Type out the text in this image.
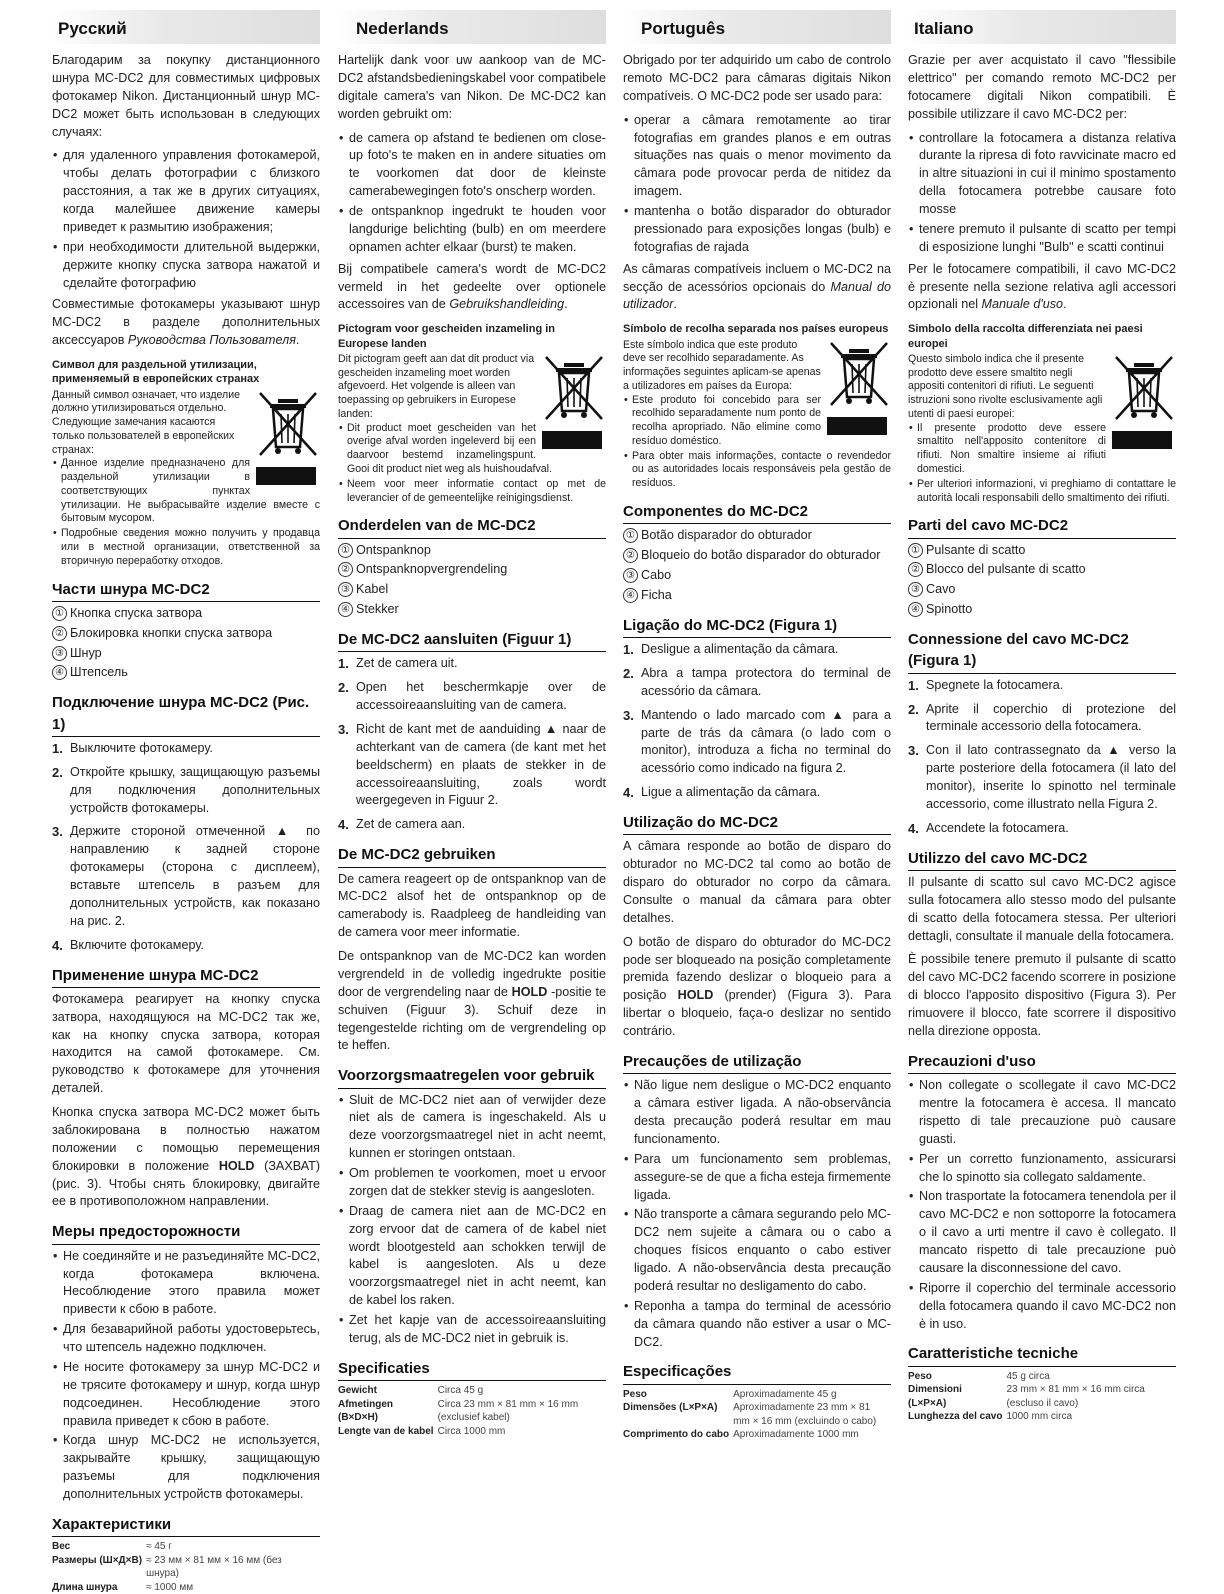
Русский

Благодарим за покупку дистанционного шнура MC-DC2 для совместимых цифровых фотокамер Nikon. Дистанционный шнур MC-DC2 может быть использован в следующих случаях:

• для удаленного управления фотокамерой, чтобы делать фотографии с близкого расстояния, а так же в других ситуациях, когда малейшее движение камеры приведет к размытию изображения;
• при необходимости длительной выдержки, держите кнопку спуска затвора нажатой и сделайте фотографию

Совместимые фотокамеры указывают шнур MC-DC2 в разделе дополнительных аксессуаров Руководства Пользователя.

Символ для раздельной утилизации, применяемый в европейских странах
Данный символ означает, что изделие должно утилизироваться отдельно. Следующие замечания касаются только пользователей в европейских странах:
• Данное изделие предназначено для раздельной утилизации в соответствующих пунктах утилизации. Не выбрасывайте изделие вместе с бытовым мусором.
• Подробные сведения можно получить у продавца или в местной организации, ответственной за вторичную переработку отходов.
Части шнура MC-DC2
① Кнопка спуска затвора
② Блокировка кнопки спуска затвора
③ Шнур
④ Штепсель
Подключение шнура MC-DC2 (Рис. 1)
1. Выключите фотокамеру.
2. Откройте крышку, защищающую разъемы для подключения дополнительных устройств фотокамеры.
3. Держите стороной отмеченной ▲ по направлению к задней стороне фотокамеры (сторона с дисплеем), вставьте штепсель в разъем для дополнительных устройств, как показано на рис. 2.
4. Включите фотокамеру.
Применение шнура MC-DC2

Фотокамера реагирует на кнопку спуска затвора, находящуюся на MC-DC2 так же, как на кнопку спуска затвора, которая находится на самой фотокамере. См. руководство к фотокамере для уточнения деталей.

Кнопка спуска затвора MC-DC2 может быть заблокирована в полностью нажатом положении с помощью перемещения блокировки в положение HOLD (ЗАХВАТ) (рис. 3). Чтобы снять блокировку, двигайте ее в противоположном направлении.

Меры предосторожности
• Не соединяйте и не разъединяйте MC-DC2, когда фотокамера включена. Несоблюдение этого правила может привести к сбою в работе.
• Для безаварийной работы удостоверьтесь, что штепсель надежно подключен.
• Не носите фотокамеру за шнур MC-DC2 и не трясите фотокамеру и шнур, когда шнур подсоединен. Несоблюдение этого правила приведет к сбою в работе.
• Когда шнур MC-DC2 не используется, закрывайте крышку, защищающую разъемы для подключения дополнительных устройств фотокамеры.
Характеристики
Вес	≈ 45 г
Размеры (Ш×Д×В)	≈ 23 мм × 81 мм × 16 мм (без шнура)
Длина шнура	≈ 1000 мм
Nederlands

Hartelijk dank voor uw aankoop van de MC-DC2 afstandsbedieningskabel voor compatibele digitale camera's van Nikon. De MC-DC2 kan worden gebruikt om:

• de camera op afstand te bedienen om close-up foto's te maken en in andere situaties om te voorkomen dat door de kleinste camerabewegingen foto's onscherp worden.
• de ontspanknop ingedrukt te houden voor langdurige belichting (bulb) en om meerdere opnamen achter elkaar (burst) te maken.

Bij compatibele camera's wordt de MC-DC2 vermeld in het gedeelte over optionele accessoires van de Gebruikshandleiding.

Pictogram voor gescheiden inzameling in Europese landen
Dit pictogram geeft aan dat dit product via gescheiden inzameling moet worden afgevoerd. Het volgende is alleen van toepassing op gebruikers in Europese landen:
• Dit product moet gescheiden van het overige afval worden ingeleverd bij een daarvoor bestemd inzamelingspunt. Gooi dit product niet weg als huishoudafval.
• Neem voor meer informatie contact op met de leverancier of de gemeentelijke reinigingsdienst.
Onderdelen van de MC-DC2
① Ontspanknop
② Ontspanknopvergrendeling
③ Kabel
④ Stekker
De MC-DC2 aansluiten (Figuur 1)
1. Zet de camera uit.
2. Open het beschermkapje over de accessoireaansluiting van de camera.
3. Richt de kant met de aanduiding ▲ naar de achterkant van de camera (de kant met het beeldscherm) en plaats de stekker in de accessoireaansluiting, zoals wordt weergegeven in Figuur 2.
4. Zet de camera aan.
De MC-DC2 gebruiken

De camera reageert op de ontspanknop van de MC-DC2 alsof het de ontspanknop op de camerabody is. Raadpleeg de handleiding van de camera voor meer informatie.

De ontspanknop van de MC-DC2 kan worden vergrendeld in de volledig ingedrukte positie door de vergrendeling naar de HOLD -positie te schuiven (Figuur 3). Schuif deze in tegengestelde richting om de vergrendeling op te heffen.

Voorzorgsmaatregelen voor gebruik
• Sluit de MC-DC2 niet aan of verwijder deze niet als de camera is ingeschakeld. Als u deze voorzorgsmaatregel niet in acht neemt, kunnen er storingen ontstaan.
• Om problemen te voorkomen, moet u ervoor zorgen dat de stekker stevig is aangesloten.
• Draag de camera niet aan de MC-DC2 en zorg ervoor dat de camera of de kabel niet wordt blootgesteld aan schokken terwijl de kabel is aangesloten. Als u deze voorzorgsmaatregel niet in acht neemt, kan de kabel los raken.
• Zet het kapje van de accessoireaansluiting terug, als de MC-DC2 niet in gebruik is.
Specificaties
Gewicht	Circa 45 g
Afmetingen	Circa 23 mm × 81 mm × 16 mm
(B×D×H)	(exclusief kabel)
Lengte van de kabel	Circa 1000 mm
Português

Obrigado por ter adquirido um cabo de controlo remoto MC-DC2 para câmaras digitais Nikon compatíveis. O MC-DC2 pode ser usado para:

• operar a câmara remotamente ao tirar fotografias em grandes planos e em outras situações nas quais o menor movimento da câmara pode provocar perda de nitidez da imagem.
• mantenha o botão disparador do obturador pressionado para exposições longas (bulb) e fotografias de rajada

As câmaras compatíveis incluem o MC-DC2 na secção de acessórios opcionais do Manual do utilizador.

Símbolo de recolha separada nos países europeus
Este símbolo indica que este produto deve ser recolhido separadamente. As informações seguintes aplicam-se apenas a utilizadores em países da Europa:
• Este produto foi concebido para ser recolhido separadamente num ponto de recolha apropriado. Não elimine como resíduo doméstico.
• Para obter mais informações, contacte o revendedor ou as autoridades locais responsáveis pela gestão de resíduos.
Componentes do MC-DC2
① Botão disparador do obturador
② Bloqueio do botão disparador do obturador
③ Cabo
④ Ficha
Ligação do MC-DC2 (Figura 1)
1. Desligue a alimentação da câmara.
2. Abra a tampa protectora do terminal de acessório da câmara.
3. Mantendo o lado marcado com ▲ para a parte de trás da câmara (o lado com o monitor), introduza a ficha no terminal do acessório como indicado na figura 2.
4. Ligue a alimentação da câmara.
Utilização do MC-DC2

A câmara responde ao botão de disparo do obturador no MC-DC2 tal como ao botão de disparo do obturador no corpo da câmara. Consulte o manual da câmara para obter detalhes.

O botão de disparo do obturador do MC-DC2 pode ser bloqueado na posição completamente premida fazendo deslizar o bloqueio para a posição HOLD (prender) (Figura 3). Para libertar o bloqueio, faça-o deslizar no sentido contrário.

Precauções de utilização
• Não ligue nem desligue o MC-DC2 enquanto a câmara estiver ligada. A não-observância desta precaução poderá resultar em mau funcionamento.
• Para um funcionamento sem problemas, assegure-se de que a ficha esteja firmemente ligada.
• Não transporte a câmara segurando pelo MC-DC2 nem sujeite a câmara ou o cabo a choques físicos enquanto o cabo estiver ligado. A não-observância desta precaução poderá resultar no desligamento do cabo.
• Reponha a tampa do terminal de acessório da câmara quando não estiver a usar o MC-DC2.
Especificações
Peso	Aproximadamente 45 g
Dimensões (L×P×A)	Aproximadamente 23 mm × 81 mm × 16 mm (excluindo o cabo)
Comprimento do cabo	Aproximadamente 1000 mm
Italiano

Grazie per aver acquistato il cavo "flessibile elettrico" per comando remoto MC-DC2 per fotocamere digitali Nikon compatibili. È possibile utilizzare il cavo MC-DC2 per:

• controllare la fotocamera a distanza relativa durante la ripresa di foto ravvicinate macro ed in altre situazioni in cui il minimo spostamento della fotocamera potrebbe causare foto mosse
• tenere premuto il pulsante di scatto per tempi di esposizione lunghi "Bulb" e scatti continui

Per le fotocamere compatibili, il cavo MC-DC2 è presente nella sezione relativa agli accessori opzionali nel Manuale d'uso.

Simbolo della raccolta differenziata nei paesi europei
Questo simbolo indica che il presente prodotto deve essere smaltito negli appositi contenitori di rifiuti. Le seguenti istruzioni sono rivolte esclusivamente agli utenti di paesi europei:
• Il presente prodotto deve essere smaltito nell'apposito contenitore di rifiuti. Non smaltire insieme ai rifiuti domestici.
• Per ulteriori informazioni, vi preghiamo di contattare le autorità locali responsabili dello smaltimento dei rifiuti.
Parti del cavo MC-DC2
① Pulsante di scatto
② Blocco del pulsante di scatto
③ Cavo
④ Spinotto
Connessione del cavo MC-DC2 (Figura 1)
1. Spegnete la fotocamera.
2. Aprite il coperchio di protezione del terminale accessorio della fotocamera.
3. Con il lato contrassegnato da ▲ verso la parte posteriore della fotocamera (il lato del monitor), inserite lo spinotto nel terminale accessorio, come illustrato nella Figura 2.
4. Accendete la fotocamera.
Utilizzo del cavo MC-DC2

Il pulsante di scatto sul cavo MC-DC2 agisce sulla fotocamera allo stesso modo del pulsante di scatto della fotocamera stessa. Per ulteriori dettagli, consultate il manuale della fotocamera.

È possibile tenere premuto il pulsante di scatto del cavo MC-DC2 facendo scorrere in posizione di blocco l'apposito dispositivo (Figura 3). Per rimuovere il blocco, fate scorrere il dispositivo nella direzione opposta.

Precauzioni d'uso
• Non collegate o scollegate il cavo MC-DC2 mentre la fotocamera è accesa. Il mancato rispetto di tale precauzione può causare guasti.
• Per un corretto funzionamento, assicurarsi che lo spinotto sia collegato saldamente.
• Non trasportate la fotocamera tenendola per il cavo MC-DC2 e non sottoporre la fotocamera o il cavo a urti mentre il cavo è collegato. Il mancato rispetto di tale precauzione può causare la disconnessione del cavo.
• Riporre il coperchio del terminale accessorio della fotocamera quando il cavo MC-DC2 non è in uso.
Caratteristiche tecniche
Peso	45 g circa
Dimensioni	23 mm × 81 mm × 16 mm circa
(L×P×A)	(escluso il cavo)
Lunghezza del cavo	1000 mm circa
